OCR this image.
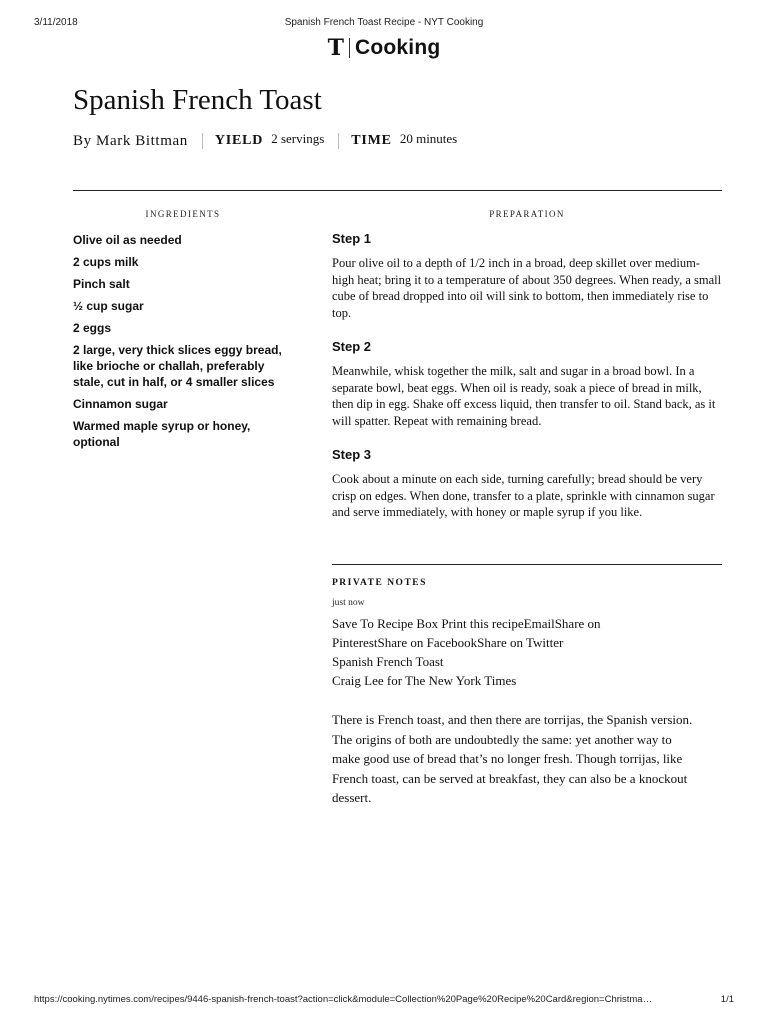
3/11/2018	Spanish French Toast Recipe - NYT Cooking
T Cooking
Spanish French Toast
By Mark Bittman YIELD 2 servings TIME 20 minutes
INGREDIENTS	PREPARATION
Olive oil as needed
2 cups milk
Pinch salt
½ cup sugar
2 eggs
2 large, very thick slices eggy bread, like brioche or challah, preferably stale, cut in half, or 4 smaller slices
Cinnamon sugar
Warmed maple syrup or honey, optional
Step 1

Pour olive oil to a depth of 1/2 inch in a broad, deep skillet over medium-high heat; bring it to a temperature of about 350 degrees. When ready, a small cube of bread dropped into oil will sink to bottom, then immediately rise to top.

Step 2

Meanwhile, whisk together the milk, salt and sugar in a broad bowl. In a separate bowl, beat eggs. When oil is ready, soak a piece of bread in milk, then dip in egg. Shake off excess liquid, then transfer to oil. Stand back, as it will spatter. Repeat with remaining bread.

Step 3

Cook about a minute on each side, turning carefully; bread should be very crisp on edges. When done, transfer to a plate, sprinkle with cinnamon sugar and serve immediately, with honey or maple syrup if you like.

PRIVATE NOTES
just now
Save To Recipe Box Print this recipeEmailShare on
PinterestShare on FacebookShare on Twitter
Spanish French Toast
Craig Lee for The New York Times

There is French toast, and then there are torrijas, the Spanish version. The origins of both are undoubtedly the same: yet another way to make good use of bread that’s no longer fresh. Though torrijas, like French toast, can be served at breakfast, they can also be a knockout dessert.

https://cooking.nytimes.com/recipes/9446-spanish-french-toast?action=click&module=Collection%20Page%20Recipe%20Card&region=Christma…	1/1
